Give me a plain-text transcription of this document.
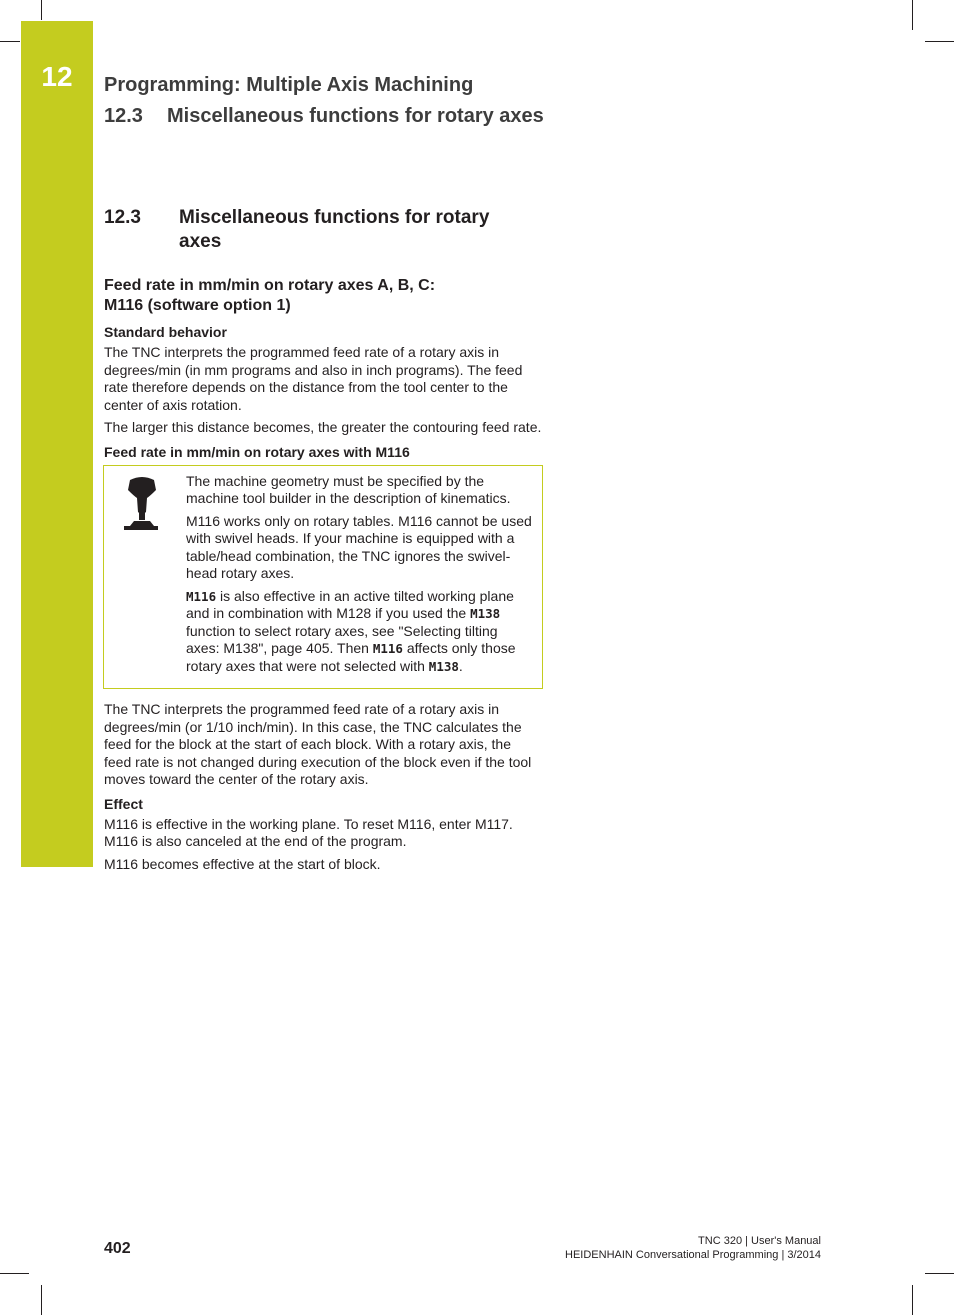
12	Programming: Multiple Axis Machining
12.3 Miscellaneous functions for rotary axes
12.3 Miscellaneous functions for rotary
axes
Feed rate in mm/min on rotary axes A, B, C:
M116 (software option 1)
Standard behavior

The TNC interprets the programmed feed rate of a rotary axis in degrees/min (in mm programs and also in inch programs). The feed rate therefore depends on the distance from the tool center to the center of axis rotation.

The larger this distance becomes, the greater the contouring feed rate.

Feed rate in mm/min on rotary axes with M116

The machine geometry must be specified by the machine tool builder in the description of kinematics.

M116 works only on rotary tables. M116 cannot be used with swivel heads. If your machine is equipped with a table/head combination, the TNC ignores the swivel-head rotary axes.

M116 is also effective in an active tilted working plane and in combination with M128 if you used the M138 function to select rotary axes, see "Selecting tilting axes: M138", page 405. Then M116 affects only those rotary axes that were not selected with M138.

The TNC interprets the programmed feed rate of a rotary axis in degrees/min (or 1/10 inch/min). In this case, the TNC calculates the feed for the block at the start of each block. With a rotary axis, the feed rate is not changed during execution of the block even if the tool moves toward the center of the rotary axis.

Effect

M116 is effective in the working plane. To reset M116, enter M117. M116 is also canceled at the end of the program.

M116 becomes effective at the start of block.

402	TNC 320 | User's Manual
HEIDENHAIN Conversational Programming | 3/2014
